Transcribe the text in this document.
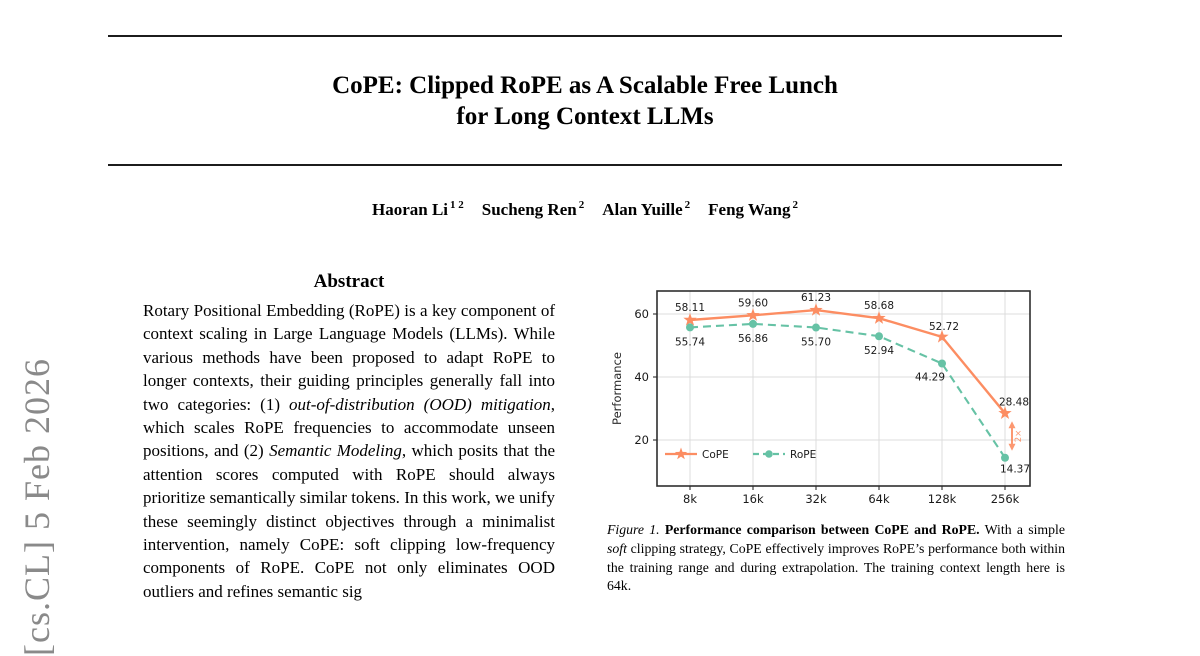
CoPE: Clipped RoPE as A Scalable Free Lunch
for Long Context LLMs
Haoran Li $^{1 2}$ Sucheng Ren $^2$ Alan Yuille $^2$ Feng Wang $^2$
Abstract
Rotary Positional Embedding (RoPE) is a key component of context scaling in Large Language Models (LLMs). While various methods have been proposed to adapt RoPE to longer contexts, their guiding principles generally fall into two categories: (1) out-of-distribution (OOD) mitigation, which scales RoPE frequencies to accommodate unseen positions, and (2) Semantic Modeling, which posits that the attention scores computed with RoPE should always prioritize semantically similar tokens. In this work, we unify these seemingly distinct objectives through a minimalist intervention, namely CoPE: soft clipping low-frequency components of RoPE. CoPE not only eliminates OOD outliers and refines semantic sig
[cs.CL] 5 Feb 2026	8k	16k	32k	64k	128k	256k
20
40
60
Performance
58.11	59.60	61.23
58.68
52.72
28.48
55.74	56.86	55.70
52.94
44.29
14.37
2×
CoPE	RoPE
Figure 1. Performance comparison between CoPE and RoPE. With a simple soft clipping strategy, CoPE effectively improves RoPE’s performance both within the training range and during extrapolation. The training context length here is 64k.
